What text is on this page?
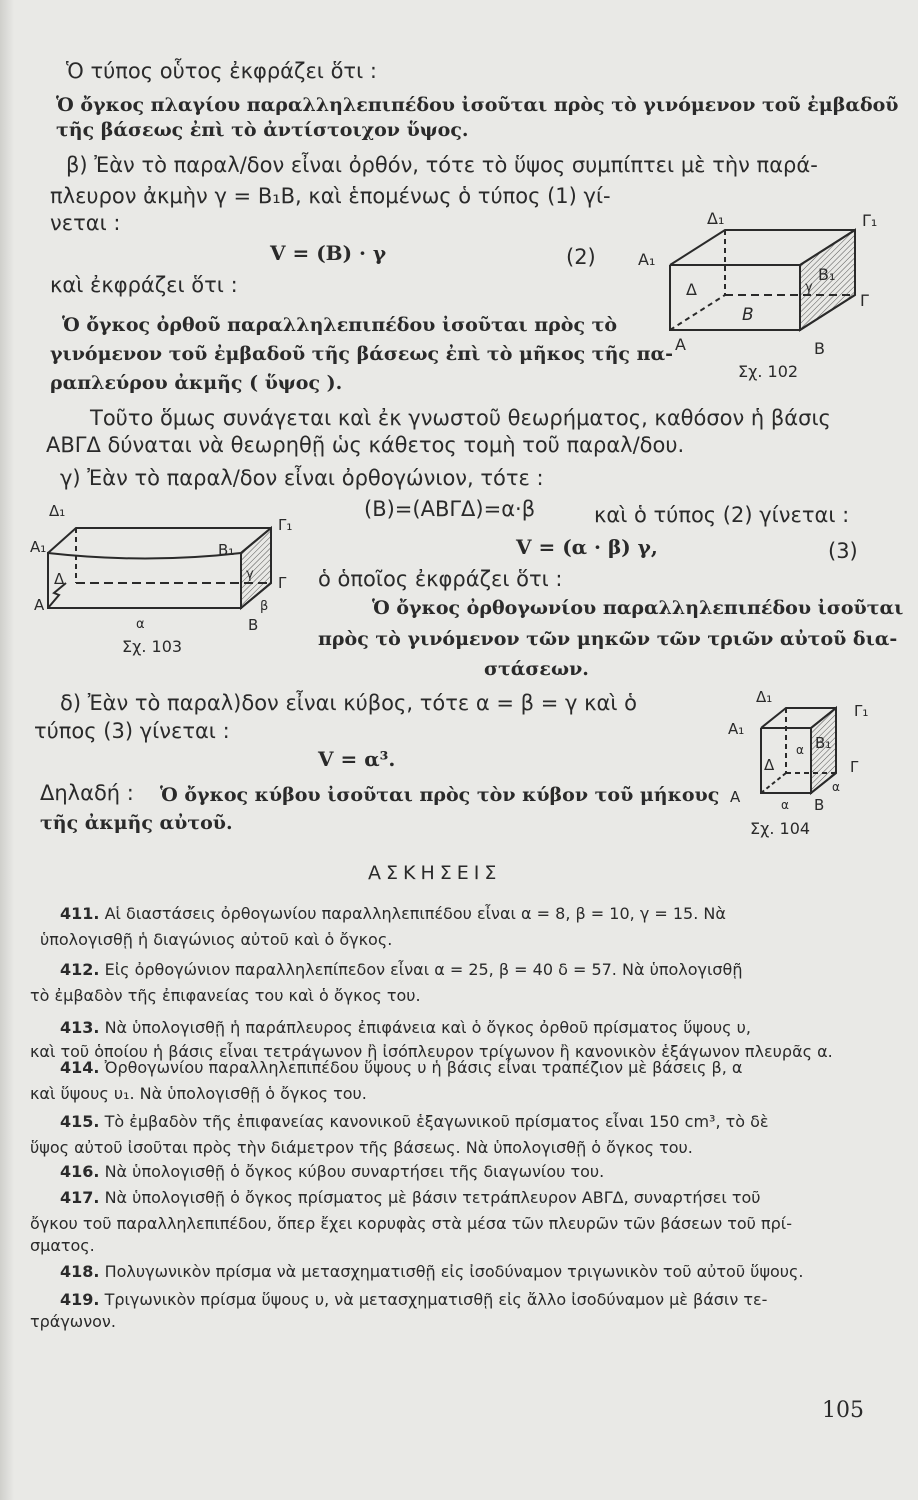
Ὁ τύπος οὗτος ἐκφράζει ὅτι :
Ὁ ὄγκος πλαγίου παραλληλεπιπέδου ἰσοῦται πρὸς τὸ γινόμενον τοῦ ἐμβαδοῦ
τῆς βάσεως ἐπὶ τὸ ἀντίστοιχον ὕψος.
β) Ἐὰν τὸ παραλ/δον εἶναι ὀρθόν, τότε τὸ ὕψος συμπίπτει μὲ τὴν παρά-
πλευρον ἀκμὴν γ = Β₁Β, καὶ ἑπομένως ὁ τύπος (1) γί-
νεται :
V = (B) · γ	(2)
καὶ ἐκφράζει ὅτι :
Ὁ ὄγκος ὀρθοῦ παραλληλεπιπέδου ἰσοῦται πρὸς τὸ
γινόμενον τοῦ ἐμβαδοῦ τῆς βάσεως ἐπὶ τὸ μῆκος τῆς πα-
ραπλεύρου ἀκμῆς ( ὕψος ).
Τοῦτο ὅμως συνάγεται καὶ ἐκ γνωστοῦ θεωρήματος, καθόσον ἡ βάσις
ΑΒΓΔ δύναται νὰ θεωρηθῇ ὡς κάθετος τομὴ τοῦ παραλ/δου.
γ) Ἐὰν τὸ παραλ/δον εἶναι ὀρθογώνιον, τότε :
(B)=(ΑΒΓΔ)=α·β	καὶ ὁ τύπος (2) γίνεται :
V = (α · β) γ,	(3)
ὁ ὁποῖος ἐκφράζει ὅτι :
Ὁ ὄγκος ὀρθογωνίου παραλληλεπιπέδου ἰσοῦται
πρὸς τὸ γινόμενον τῶν μηκῶν τῶν τριῶν αὐτοῦ δια-
στάσεων.
δ) Ἐὰν τὸ παραλ)δον εἶναι κύβος, τότε α = β = γ καὶ ὁ
τύπος (3) γίνεται :
V = α³.
Δηλαδή : Ὁ ὄγκος κύβου ἰσοῦται πρὸς τὸν κύβον τοῦ μήκους
τῆς ἀκμῆς αὐτοῦ.
ΑΣΚΗΣΕΙΣ
411. Αἱ διαστάσεις ὀρθογωνίου παραλληλεπιπέδου εἶναι α = 8, β = 10, γ = 15. Νὰ
ὑπολογισθῇ ἡ διαγώνιος αὐτοῦ καὶ ὁ ὄγκος.
412. Εἰς ὀρθογώνιον παραλληλεπίπεδον εἶναι α = 25, β = 40 δ = 57. Νὰ ὑπολογισθῇ
τὸ ἐμβαδὸν τῆς ἐπιφανείας του καὶ ὁ ὄγκος του.
413. Νὰ ὑπολογισθῇ ἡ παράπλευρος ἐπιφάνεια καὶ ὁ ὄγκος ὀρθοῦ πρίσματος ὕψους υ,
καὶ τοῦ ὁποίου ἡ βάσις εἶναι τετράγωνον ἢ ἰσόπλευρον τρίγωνον ἢ κανονικὸν ἑξάγωνον πλευρᾶς α.
414. Ὀρθογωνίου παραλληλεπιπέδου ὕψους υ ἡ βάσις εἶναι τραπέζιον μὲ βάσεις β, α
καὶ ὕψους υ₁. Νὰ ὑπολογισθῇ ὁ ὄγκος του.
415. Τὸ ἐμβαδὸν τῆς ἐπιφανείας κανονικοῦ ἑξαγωνικοῦ πρίσματος εἶναι 150 cm³, τὸ δὲ
ὕψος αὐτοῦ ἰσοῦται πρὸς τὴν διάμετρον τῆς βάσεως. Νὰ ὑπολογισθῇ ὁ ὄγκος του.
416. Νὰ ὑπολογισθῇ ὁ ὄγκος κύβου συναρτήσει τῆς διαγωνίου του.
417. Νὰ ὑπολογισθῇ ὁ ὄγκος πρίσματος μὲ βάσιν τετράπλευρον ΑΒΓΔ, συναρτήσει τοῦ
ὄγκου τοῦ παραλληλεπιπέδου, ὅπερ ἔχει κορυφὰς στὰ μέσα τῶν πλευρῶν τῶν βάσεων τοῦ πρί-
σματος.
418. Πολυγωνικὸν πρίσμα νὰ μετασχηματισθῇ εἰς ἰσοδύναμον τριγωνικὸν τοῦ αὐτοῦ ὕψους.
419. Τριγωνικὸν πρίσμα ὕψους υ, νὰ μετασχηματισθῇ εἰς ἄλλο ἰσοδύναμον μὲ βάσιν τε-
τράγωνον.
105
A	B
Γ
Δ
A₁
B₁
Γ₁
Δ₁
B
γ
Σχ. 102
A
B
Γ
Δ
A₁	B₁
Γ₁
Δ₁
α
β
γ
Σχ. 103
A	B
Γ
Δ
A₁
B₁
Γ₁
Δ₁
α
α
α
Σχ. 104
